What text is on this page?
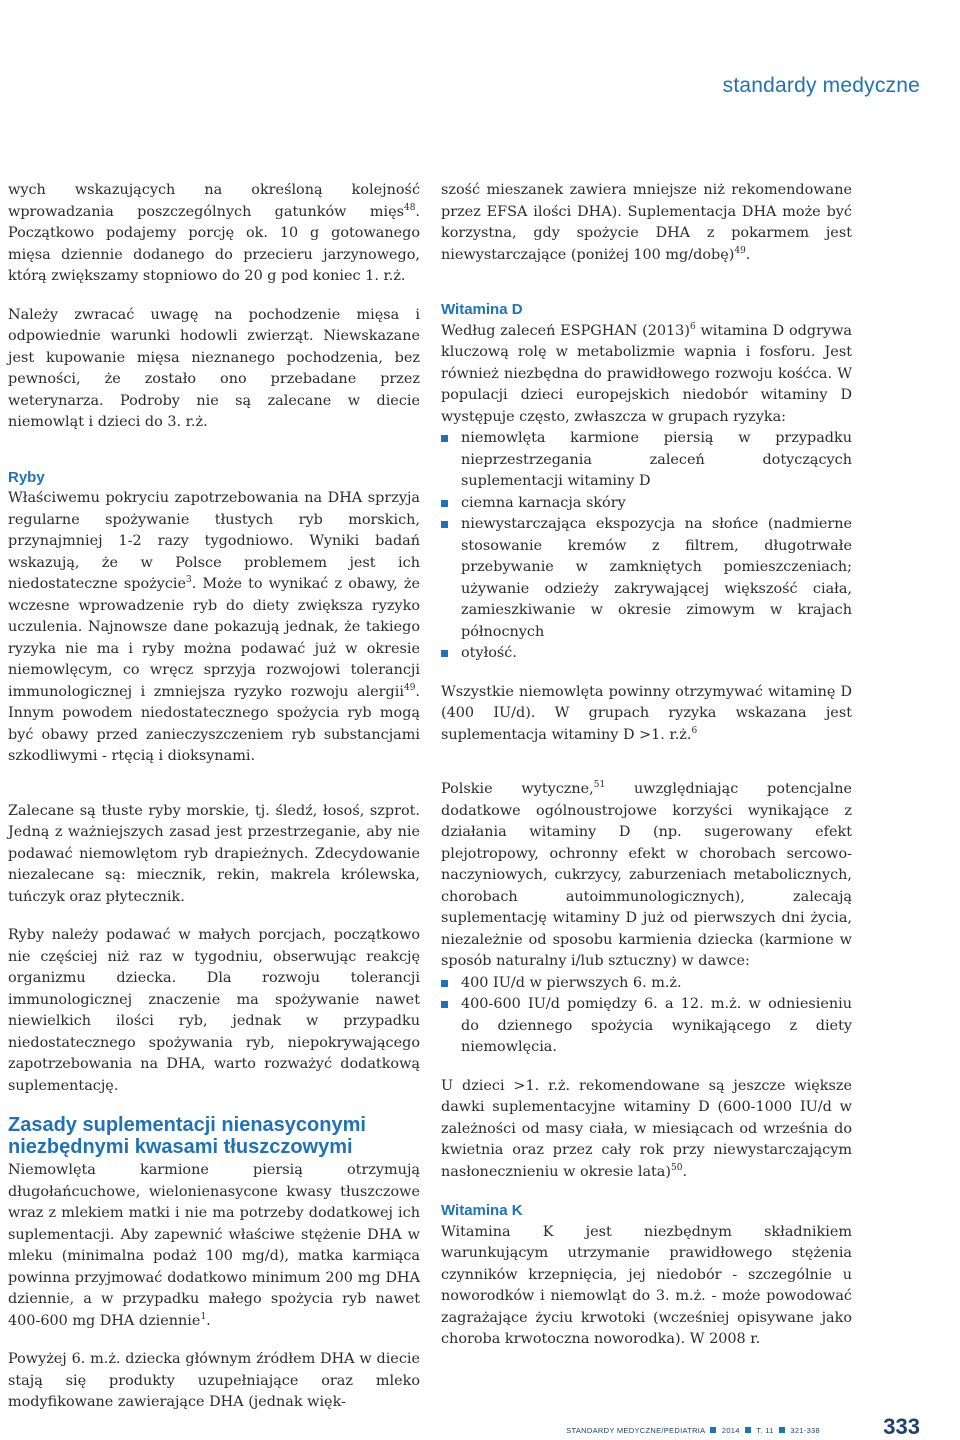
standardy medyczne

wych wskazujących na określoną kolejność wprowadzania poszczególnych gatunków mięs$^{48}$. Początkowo podajemy porcję ok. 10 g gotowanego mięsa dziennie dodanego do przecieru jarzynowego, którą zwiększamy stopniowo do 20 g pod koniec 1. r.ż.

Należy zwracać uwagę na pochodzenie mięsa i odpowiednie warunki hodowli zwierząt. Niewskazane jest kupowanie mięsa nieznanego pochodzenia, bez pewności, że zostało ono przebadane przez weterynarza. Podroby nie są zalecane w diecie niemowląt i dzieci do 3. r.ż.

Ryby

Właściwemu pokryciu zapotrzebowania na DHA sprzyja regularne spożywanie tłustych ryb morskich, przynajmniej 1-2 razy tygodniowo. Wyniki badań wskazują, że w Polsce problemem jest ich niedostateczne spożycie$^3$. Może to wynikać z obawy, że wczesne wprowadzenie ryb do diety zwiększa ryzyko uczulenia. Najnowsze dane pokazują jednak, że takiego ryzyka nie ma i ryby można podawać już w okresie niemowlęcym, co wręcz sprzyja rozwojowi tolerancji immunologicznej i zmniejsza ryzyko rozwoju alergii$^{49}$. Innym powodem niedostatecznego spożycia ryb mogą być obawy przed zanieczyszczeniem ryb substancjami szkodliwymi - rtęcią i dioksynami.

Zalecane są tłuste ryby morskie, tj. śledź, łosoś, szprot. Jedną z ważniejszych zasad jest przestrzeganie, aby nie podawać niemowlętom ryb drapieżnych. Zdecydowanie niezalecane są: miecznik, rekin, makrela królewska, tuńczyk oraz płytecznik.

Ryby należy podawać w małych porcjach, początkowo nie częściej niż raz w tygodniu, obserwując reakcję organizmu dziecka. Dla rozwoju tolerancji immunologicznej znaczenie ma spożywanie nawet niewielkich ilości ryb, jednak w przypadku niedostatecznego spożywania ryb, niepokrywającego zapotrzebowania na DHA, warto rozważyć dodatkową suplementację.

Zasady suplementacji nienasyconymi niezbędnymi kwasami tłuszczowymi

Niemowlęta karmione piersią otrzymują długołańcuchowe, wielonienasycone kwasy tłuszczowe wraz z mlekiem matki i nie ma potrzeby dodatkowej ich suplementacji. Aby zapewnić właściwe stężenie DHA w mleku (minimalna podaż 100 mg/d), matka karmiąca powinna przyjmować dodatkowo minimum 200 mg DHA dziennie, a w przypadku małego spożycia ryb nawet 400-600 mg DHA dziennie$^1$.

Powyżej 6. m.ż. dziecka głównym źródłem DHA w diecie stają się produkty uzupełniające oraz mleko modyfikowane zawierające DHA (jednak więk-

szość mieszanek zawiera mniejsze niż rekomendowane przez EFSA ilości DHA). Suplementacja DHA może być korzystna, gdy spożycie DHA z pokarmem jest niewystarczające (poniżej 100 mg/dobę)$^{49}$.

Witamina D

Według zaleceń ESPGHAN $(2013)^6$ witamina D odgrywa kluczową rolę w metabolizmie wapnia i fosforu. Jest również niezbędna do prawidłowego rozwoju kośćca. W populacji dzieci europejskich niedobór witaminy D występuje często, zwłaszcza w grupach ryzyka:

niemowlęta karmione piersią w przypadku nieprzestrzegania zaleceń dotyczących suplementacji witaminy D
ciemna karnacja skóry
niewystarczająca ekspozycja na słońce (nadmierne stosowanie kremów z filtrem, długotrwałe przebywanie w zamkniętych pomieszczeniach; używanie odzieży zakrywającej większość ciała, zamieszkiwanie w okresie zimowym w krajach północnych
otyłość.

Wszystkie niemowlęta powinny otrzymywać witaminę D (400 IU/d). W grupach ryzyka wskazana jest suplementacja witaminy D >1. r.ż.$^6$

Polskie wytyczne,$^{51}$ uwzględniając potencjalne dodatkowe ogólnoustrojowe korzyści wynikające z działania witaminy D (np. sugerowany efekt plejotropowy, ochronny efekt w chorobach sercowo-naczyniowych, cukrzycy, zaburzeniach metabolicznych, chorobach autoimmunologicznych), zalecają suplementację witaminy D już od pierwszych dni życia, niezależnie od sposobu karmienia dziecka (karmione w sposób naturalny i/lub sztuczny) w dawce:

400 IU/d w pierwszych 6. m.ż.
400-600 IU/d pomiędzy 6. a 12. m.ż. w odniesieniu do dziennego spożycia wynikającego z diety niemowlęcia.

U dzieci >1. r.ż. rekomendowane są jeszcze większe dawki suplementacyjne witaminy D (600-1000 IU/d w zależności od masy ciała, w miesiącach od września do kwietnia oraz przez cały rok przy niewystarczającym nasłonecznieniu w okresie lata)$^{50}$.

Witamina K

Witamina K jest niezbędnym składnikiem warunkującym utrzymanie prawidłowego stężenia czynników krzepnięcia, jej niedobór - szczególnie u noworodków i niemowląt do 3. m.ż. - może powodować zagrażające życiu krwotoki (wcześniej opisywane jako choroba krwotoczna noworodka). W 2008 r.

STANDARDY MEDYCZNE/PEDIATRIA 2014 T. 11 321-338	333
